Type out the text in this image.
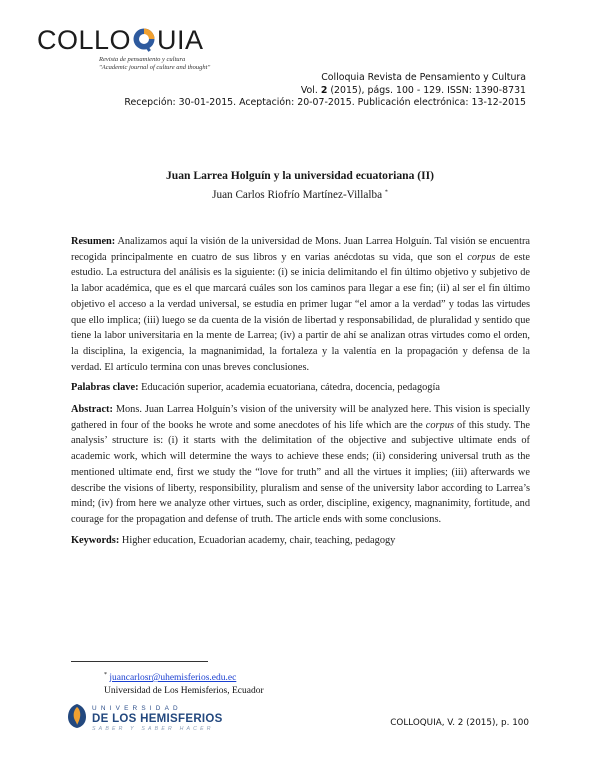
COLLO UIA
Revista de pensamiento y cultura
"Academic journal of culture and thought"
Colloquia Revista de Pensamiento y Cultura
Vol. 2 (2015), págs. 100 - 129. ISSN: 1390-8731
Recepción: 30-01-2015. Aceptación: 20-07-2015. Publicación electrónica: 13-12-2015
Juan Larrea Holguín y la universidad ecuatoriana (II)
Juan Carlos Riofrío Martínez-Villalba *

Resumen: Analizamos aquí la visión de la universidad de Mons. Juan Larrea Holguín. Tal visión se encuentra recogida principalmente en cuatro de sus libros y en varias anécdotas su vida, que son el corpus de este estudio. La estructura del análisis es la siguiente: (i) se inicia delimitando el fin último objetivo y subjetivo de la labor académica, que es el que marcará cuáles son los caminos para llegar a ese fin; (ii) al ser el fin último objetivo el acceso a la verdad universal, se estudia en primer lugar “el amor a la verdad” y todas las virtudes que ello implica; (iii) luego se da cuenta de la visión de libertad y responsabilidad, de pluralidad y sentido que tiene la labor universitaria en la mente de Larrea; (iv) a partir de ahí se analizan otras virtudes como el orden, la disciplina, la exigencia, la magnanimidad, la fortaleza y la valentía en la propagación y defensa de la verdad. El artículo termina con unas breves conclusiones.

Palabras clave: Educación superior, academia ecuatoriana, cátedra, docencia, pedagogía

Abstract: Mons. Juan Larrea Holguín’s vision of the university will be analyzed here. This vision is specially gathered in four of the books he wrote and some anecdotes of his life which are the corpus of this study. The analysis’ structure is: (i) it starts with the delimitation of the objective and subjective ultimate ends of academic work, which will determine the ways to achieve these ends; (ii) considering universal truth as the mentioned ultimate end, first we study the “love for truth” and all the virtues it implies; (iii) afterwards we describe the visions of liberty, responsibility, pluralism and sense of the university labor according to Larrea’s mind; (iv) from here we analyze other virtues, such as order, discipline, exigency, magnanimity, fortitude, and courage for the propagation and defense of truth. The article ends with some conclusions.

Keywords: Higher education, Ecuadorian academy, chair, teaching, pedagogy

* juancarlosr@uhemisferios.edu.ec
Universidad de Los Hemisferios, Ecuador
UNIVERSIDAD
DE LOS HEMISFERIOS
SABER Y SABER HACER
COLLOQUIA, V. 2 (2015), p. 100
